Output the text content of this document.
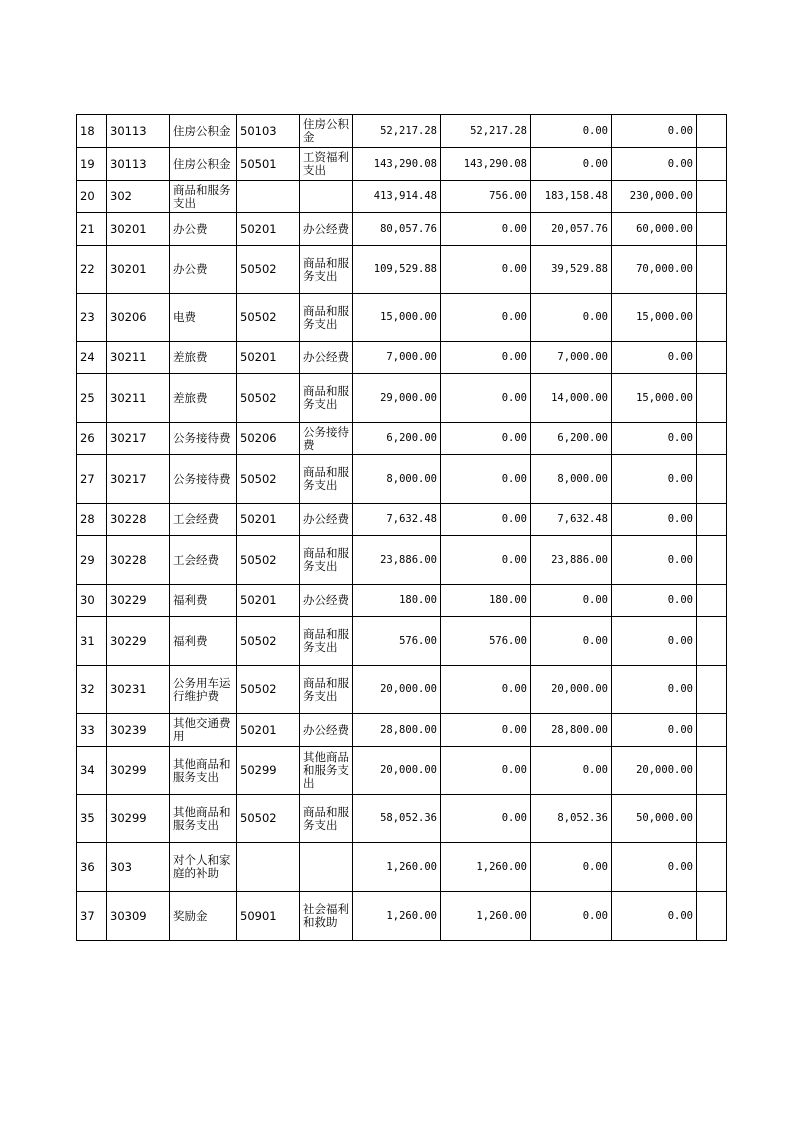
18	30113	住房公积金	50103	住房公积金	52,217.28	52,217.28	0.00	0.00	
19	30113	住房公积金	50501	工资福利支出	143,290.08	143,290.08	0.00	0.00	
20	302	商品和服务支出			413,914.48	756.00	183,158.48	230,000.00	
21	30201	办公费	50201	办公经费	80,057.76	0.00	20,057.76	60,000.00	
22	30201	办公费	50502	商品和服务支出	109,529.88	0.00	39,529.88	70,000.00	
23	30206	电费	50502	商品和服务支出	15,000.00	0.00	0.00	15,000.00	
24	30211	差旅费	50201	办公经费	7,000.00	0.00	7,000.00	0.00	
25	30211	差旅费	50502	商品和服务支出	29,000.00	0.00	14,000.00	15,000.00	
26	30217	公务接待费	50206	公务接待费	6,200.00	0.00	6,200.00	0.00	
27	30217	公务接待费	50502	商品和服务支出	8,000.00	0.00	8,000.00	0.00	
28	30228	工会经费	50201	办公经费	7,632.48	0.00	7,632.48	0.00	
29	30228	工会经费	50502	商品和服务支出	23,886.00	0.00	23,886.00	0.00	
30	30229	福利费	50201	办公经费	180.00	180.00	0.00	0.00	
31	30229	福利费	50502	商品和服务支出	576.00	576.00	0.00	0.00	
32	30231	公务用车运行维护费	50502	商品和服务支出	20,000.00	0.00	20,000.00	0.00	
33	30239	其他交通费用	50201	办公经费	28,800.00	0.00	28,800.00	0.00	
34	30299	其他商品和服务支出	50299	其他商品和服务支出	20,000.00	0.00	0.00	20,000.00	
35	30299	其他商品和服务支出	50502	商品和服务支出	58,052.36	0.00	8,052.36	50,000.00	
36	303	对个人和家庭的补助			1,260.00	1,260.00	0.00	0.00	
37	30309	奖励金	50901	社会福利和救助	1,260.00	1,260.00	0.00	0.00	
